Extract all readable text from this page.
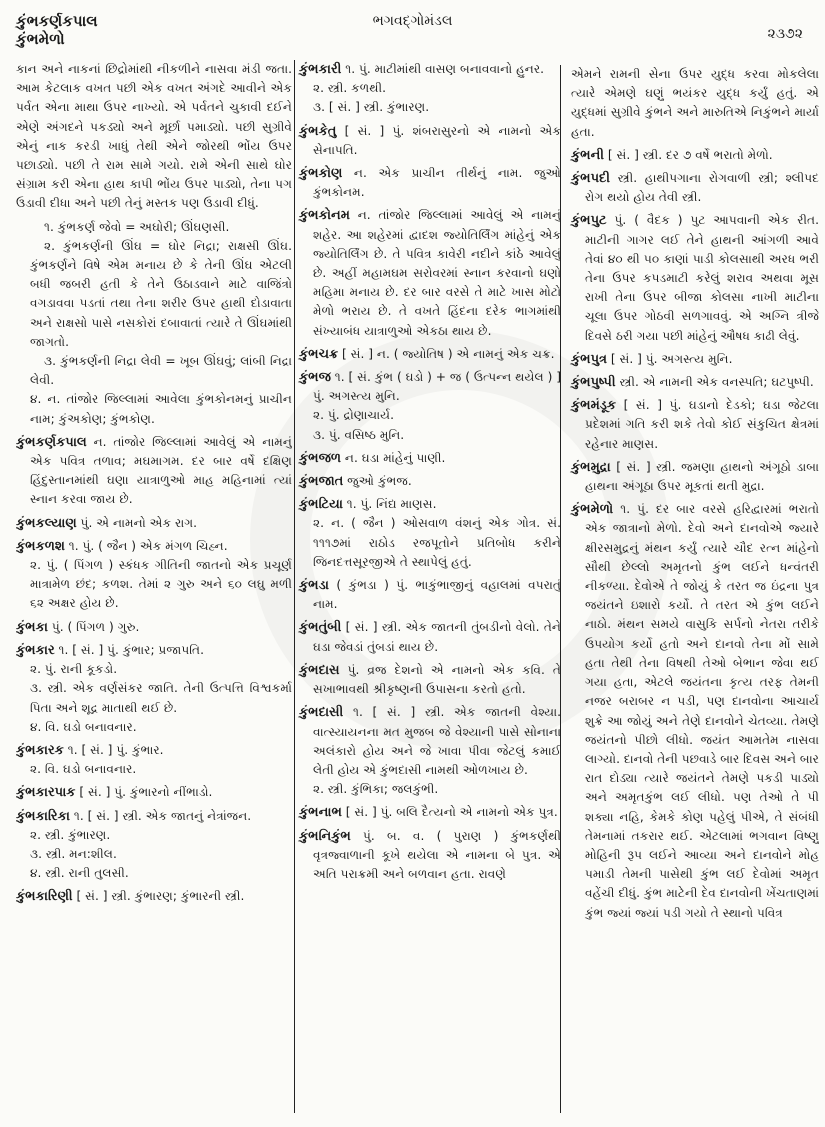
કુંભકર્ણકપાલ
કુંભમેળો
ભગવદ્ગોમંડલ
૨૩૭૨

કાન અને નાકનાં છિદ્રોમાંથી નીકળીને નાસવા મંડી જતા. આમ કેટલાક વખત પછી એક વખત અંગદે આવીને એક પર્વત એના માથા ઉપર નાખ્યો. એ પર્વતને ચુકાવી દઈને એણે અંગદને પકડ્યો અને મૂર્છા પમાડ્યો. પછી સુગ્રીવે એનું નાક કરડી ખાધું તેથી એને જોરથી ભોંય ઉપર પછાડ્યો. પછી તે રામ સામે ગયો. રામે એની સાથે ઘોર સંગ્રામ કરી એના હાથ કાપી ભોંય ઉપર પાડ્યો, તેના પગ ઉડાવી દીધા અને પછી તેનું મસ્તક પણ ઉડાવી દીધું.

૧. કુંભકર્ણ જેવો = અઘોરી; ઊંઘણસી.

૨. કુંભકર્ણની ઊંઘ = ઘોર નિદ્રા; રાક્ષસી ઊંઘ. કુંભકર્ણને વિષે એમ મનાય છે કે તેની ઊંઘ એટલી બધી જબરી હતી કે તેને ઉઠાડવાને માટે વાજિંત્રો વગડાવવા પડતાં તથા તેના શરીર ઉપર હાથી દોડાવાતા અને રાક્ષસો પાસે નસકોરાં દબાવાતાં ત્યારે તે ઊંઘમાંથી જાગતો.

૩. કુંભકર્ણની નિદ્રા લેવી = ખૂબ ઊંઘવું; લાંબી નિદ્રા લેવી.

૪. ન. તાંજોર જિલ્લામાં આવેલા કુંભકોનમનું પ્રાચીન નામ; કુંઅકોણ; કુંભકોણ.

કુંભકર્ણકપાલ ન. તાંજોર જિલ્લામાં આવેલું એ નામનું એક પવિત્ર તળાવ; મઘમાગમ. દર બાર વર્ષે દક્ષિણ હિંદુસ્તાનમાંથી ઘણા યાત્રાળુઓ માહ મહિનામાં ત્યાં સ્નાન કરવા જાય છે.

કુંભકલ્યાણ પું. એ નામનો એક રાગ.

કુંભકળશ ૧. પું. ( જૈન ) એક મંગળ ચિહ્ન.

૨. પું. ( પિંગળ ) સ્કંધક ગીતિની જાતનો એક પ્રચૂર્ણ માત્રામેળ છંદ; કળશ. તેમાં ૨ ગુરુ અને ૬૦ લઘુ મળી ૬૨ અક્ષર હોય છે.

કુંભકા પું. ( પિંગળ ) ગુરુ.

કુંભકાર ૧. [ સં. ] પું. કુંભાર; પ્રજાપતિ.

૨. પું. રાની કૂકડો.

૩. સ્ત્રી. એક વર્ણસંકર જાતિ. તેની ઉત્પત્તિ વિશ્વકર્મા પિતા અને શૂદ્ર માતાથી થઈ છે.

૪. વિ. ઘડો બનાવનાર.

કુંભકારક ૧. [ સં. ] પું. કુંભાર.

૨. વિ. ઘડો બનાવનાર.

કુંભકારપાક [ સં. ] પું. કુંભારનો નીંભાડો.

કુંભકારિકા ૧. [ સં. ] સ્ત્રી. એક જાતનું નેત્રાંજન.

૨. સ્ત્રી. કુંભારણ.

૩. સ્ત્રી. મન:શીલ.

૪. સ્ત્રી. રાની તુલસી.

કુંભકારિણી [ સં. ] સ્ત્રી. કુંભારણ; કુંભારની સ્ત્રી.

કુંભકારી ૧. પું. માટીમાંથી વાસણ બનાવવાનો હુનર.

૨. સ્ત્રી. કળથી.

૩. [ સં. ] સ્ત્રી. કુંભારણ.

કુંભકેતુ [ સં. ] પું. શંબરાસુરનો એ નામનો એક સેનાપતિ.

કુંભકોણ ન. એક પ્રાચીન તીર્થનું નામ. જુઓ કુંભકોનમ.

કુંભકોનમ ન. તાંજોર જિલ્લામાં આવેલું એ નામનું શહેર. આ શહેરમાં દ્વાદશ જ્યોતિર્લિંગ માંહેનું એક જ્યોતિર્લિંગ છે. તે પવિત્ર કાવેરી નદીને કાંઠે આવેલું છે. અહીં મહામઘમ સરોવરમાં સ્નાન કરવાનો ઘણો મહિમા મનાય છે. દર બાર વરસે તે માટે ખાસ મોટો મેળો ભરાય છે. તે વખતે હિંદના દરેક ભાગમાંથી સંખ્યાબંધ યાત્રાળુઓ એકઠા થાય છે.

કુંભચક્ર [ સં. ] ન. ( જ્યોતિષ ) એ નામનું એક ચક્ર.

કુંભજ ૧. [ સં. કુંભ ( ઘડો ) + જ ( ઉત્પન્ન થયેલ ) ] પું. અગસ્ત્ય મુનિ.

૨. પું. દ્રોણાચાર્ય.

૩. પું. વસિષ્ઠ મુનિ.

કુંભજળ ન. ઘડા માંહેનું પાણી.

કુંભજાત જુઓ કુંભજ.

કુંભટિયા ૧. પું. નિંદ્ય માણસ.

૨. ન. ( જૈન ) ઓસવાળ વંશનું એક ગોત્ર. સં. ૧૧૧૭માં રાઠોડ રજપૂતોને પ્રતિબોધ કરીને જિનદત્તસૂરજીએ તે સ્થાપેલું હતું.

કુંભડા ( કુંભડા ) પું. ભાકુંભાજીનું વહાલમાં વપરાતું નામ.

કુંભતુંબી [ સં. ] સ્ત્રી. એક જાતની તુંબડીનો વેલો. તેને ઘડા જેવડાં તુંબડાં થાય છે.

કુંભદાસ પું. વ્રજ દેશનો એ નામનો એક કવિ. તે સખાભાવથી શ્રીકૃષ્ણની ઉપાસના કરતો હતો.

કુંભદાસી ૧. [ સં. ] સ્ત્રી. એક જાતની વેશ્યા. વાત્સ્યાયનના મત મુજબ જે વેશ્યાની પાસે સોનાના અલંકારો હોય અને જે ખાવા પીવા જેટલું કમાઈ લેતી હોય એ કુંભદાસી નામથી ઓળખાય છે.

૨. સ્ત્રી. કુંભિકા; જલકુંભી.

કુંભનાભ [ સં. ] પું. બલિ દૈત્યનો એ નામનો એક પુત્ર.

કુંભનિકુંભ પું. બ. વ. ( પુરાણ ) કુંભકર્ણથી વૃત્રજ્વાળાની કૂખે થયેલા એ નામના બે પુત્ર. એ અતિ પરાક્રમી અને બળવાન હતા. રાવણે

એમને રામની સેના ઉપર યુદ્ધ કરવા મોકલેલા ત્યારે એમણે ઘણું ભયંકર યુદ્ધ કર્યું હતું. એ યુદ્ધમાં સુગ્રીવે કુંભને અને મારુતિએ નિકુંભને માર્યા હતા.

કુંભની [ સં. ] સ્ત્રી. દર ૭ વર્ષે ભરાતો મેળો.

કુંભપદી સ્ત્રી. હાથીપગાના રોગવાળી સ્ત્રી; શ્લીપદ રોગ થયો હોય તેવી સ્ત્રી.

કુંભપુટ પું. ( વૈદક ) પુટ આપવાની એક રીત. માટીની ગાગર લઈ તેને હાથની આંગળી આવે તેવાં ૪૦ થી ૫૦ કાણાં પાડી કોલસાથી અરધ ભરી તેના ઉપર કપડમાટી કરેલું શરાવ અથવા મૂસ રાખી તેના ઉપર બીજા કોલસા નાખી માટીના ચૂલા ઉપર ગોઠવી સળગાવવું. એ અગ્નિ ત્રીજે દિવસે ઠરી ગયા પછી માંહેનું ઔષધ કાઢી લેવું.

કુંભપુત્ર [ સં. ] પું. અગસ્ત્ય મુનિ.

કુંભપુષ્પી સ્ત્રી. એ નામની એક વનસ્પતિ; ઘટપુષ્પી.

કુંભમંડૂક [ સં. ] પું. ઘડાનો દેડકો; ઘડા જેટલા પ્રદેશમાં ગતિ કરી શકે તેવો કોઈ સંકુચિત ક્ષેત્રમાં રહેનાર માણસ.

કુંભમુદ્રા [ સં. ] સ્ત્રી. જમણા હાથનો અંગૂઠો ડાબા હાથના અંગૂઠા ઉપર મૂકતાં થતી મુદ્રા.

કુંભમેળો ૧. પું. દર બાર વરસે હરિદ્વારમાં ભરાતો એક જાત્રાનો મેળો. દેવો અને દાનવોએ જ્યારે ક્ષીરસમુદ્રનું મંથન કર્યું ત્યારે ચૌદ રત્ન માંહેનો સૌથી છેલ્લો અમૃતનો કુંભ લઈને ધન્વંતરી નીકળ્યા. દેવોએ તે જોયું કે તરત જ ઇંદ્રના પુત્ર જયંતને ઇશારો કર્યો. તે તરત એ કુંભ લઈને નાઠો. મંથન સમયે વાસુકિ સર્પનો નેતરા તરીકે ઉપયોગ કર્યો હતો અને દાનવો તેના મોં સામે હતા તેથી તેના વિષથી તેઓ બેભાન જેવા થઈ ગયા હતા, એટલે જયંતના કૃત્ય તરફ તેમની નજર બરાબર ન પડી, પણ દાનવોના આચાર્ય શુક્રે આ જોયું અને તેણે દાનવોને ચેતવ્યા. તેમણે જયંતનો પીછો લીધો. જયંત આમતેમ નાસવા લાગ્યો. દાનવો તેની પછવાડે બાર દિવસ અને બાર રાત દોડ્યા ત્યારે જયંતને તેમણે પકડી પાડ્યો અને અમૃતકુંભ લઈ લીધો. પણ તેઓ તે પી શક્યા નહિ, કેમકે કોણ પહેલું પીએ, તે સંબંધી તેમનામાં તકરાર થઈ. એટલામાં ભગવાન વિષ્ણુ મોહિની રૂપ લઈને આવ્યા અને દાનવોને મોહ પમાડી તેમની પાસેથી કુંભ લઈ દેવોમાં અમૃત વહેંચી દીધું. કુંભ માટેની દેવ દાનવોની ખેંચતાણમાં કુંભ જ્યાં જ્યાં પડી ગયો તે સ્થાનો પવિત્ર
